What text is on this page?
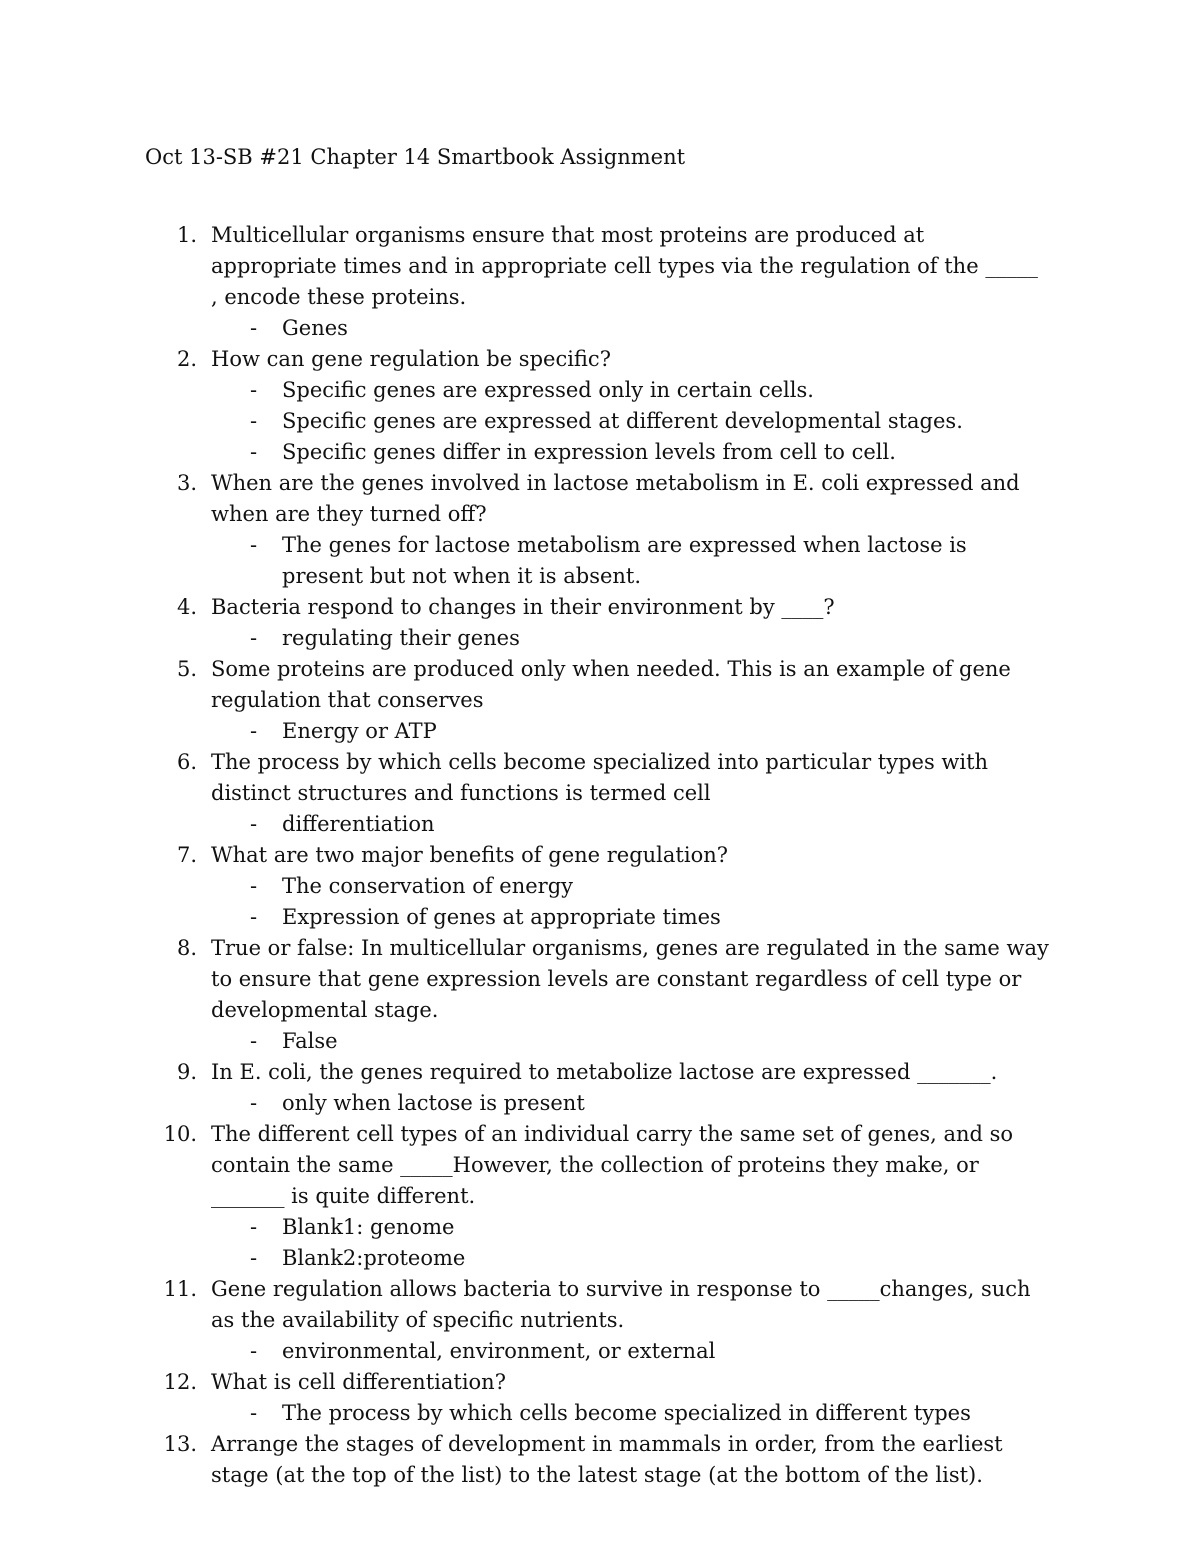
Oct 13-SB #21 Chapter 14 Smartbook Assignment
1. Multicellular organisms ensure that most proteins are produced at appropriate times and in appropriate cell types via the regulation of the _____ , encode these proteins.
-	Genes
2. How can gene regulation be specific?
-	Specific genes are expressed only in certain cells.
-	Specific genes are expressed at different developmental stages.
-	Specific genes differ in expression levels from cell to cell.
3. When are the genes involved in lactose metabolism in E. coli expressed and when are they turned off?
-	The genes for lactose metabolism are expressed when lactose is present but not when it is absent.
4. Bacteria respond to changes in their environment by ____?
-	regulating their genes
5. Some proteins are produced only when needed. This is an example of gene regulation that conserves
-	Energy or ATP
6. The process by which cells become specialized into particular types with distinct structures and functions is termed cell
-	differentiation
7. What are two major benefits of gene regulation?
-	The conservation of energy
-	Expression of genes at appropriate times
8. True or false: In multicellular organisms, genes are regulated in the same way to ensure that gene expression levels are constant regardless of cell type or developmental stage.
-	False
9. In E. coli, the genes required to metabolize lactose are expressed _______.
-	only when lactose is present
10. The different cell types of an individual carry the same set of genes, and so contain the same _____However, the collection of proteins they make, or _______ is quite different.
-	Blank1: genome
-	Blank2:proteome
11. Gene regulation allows bacteria to survive in response to _____changes, such as the availability of specific nutrients.
-	environmental, environment, or external
12. What is cell differentiation?
-	The process by which cells become specialized in different types
13. Arrange the stages of development in mammals in order, from the earliest stage (at the top of the list) to the latest stage (at the bottom of the list).
